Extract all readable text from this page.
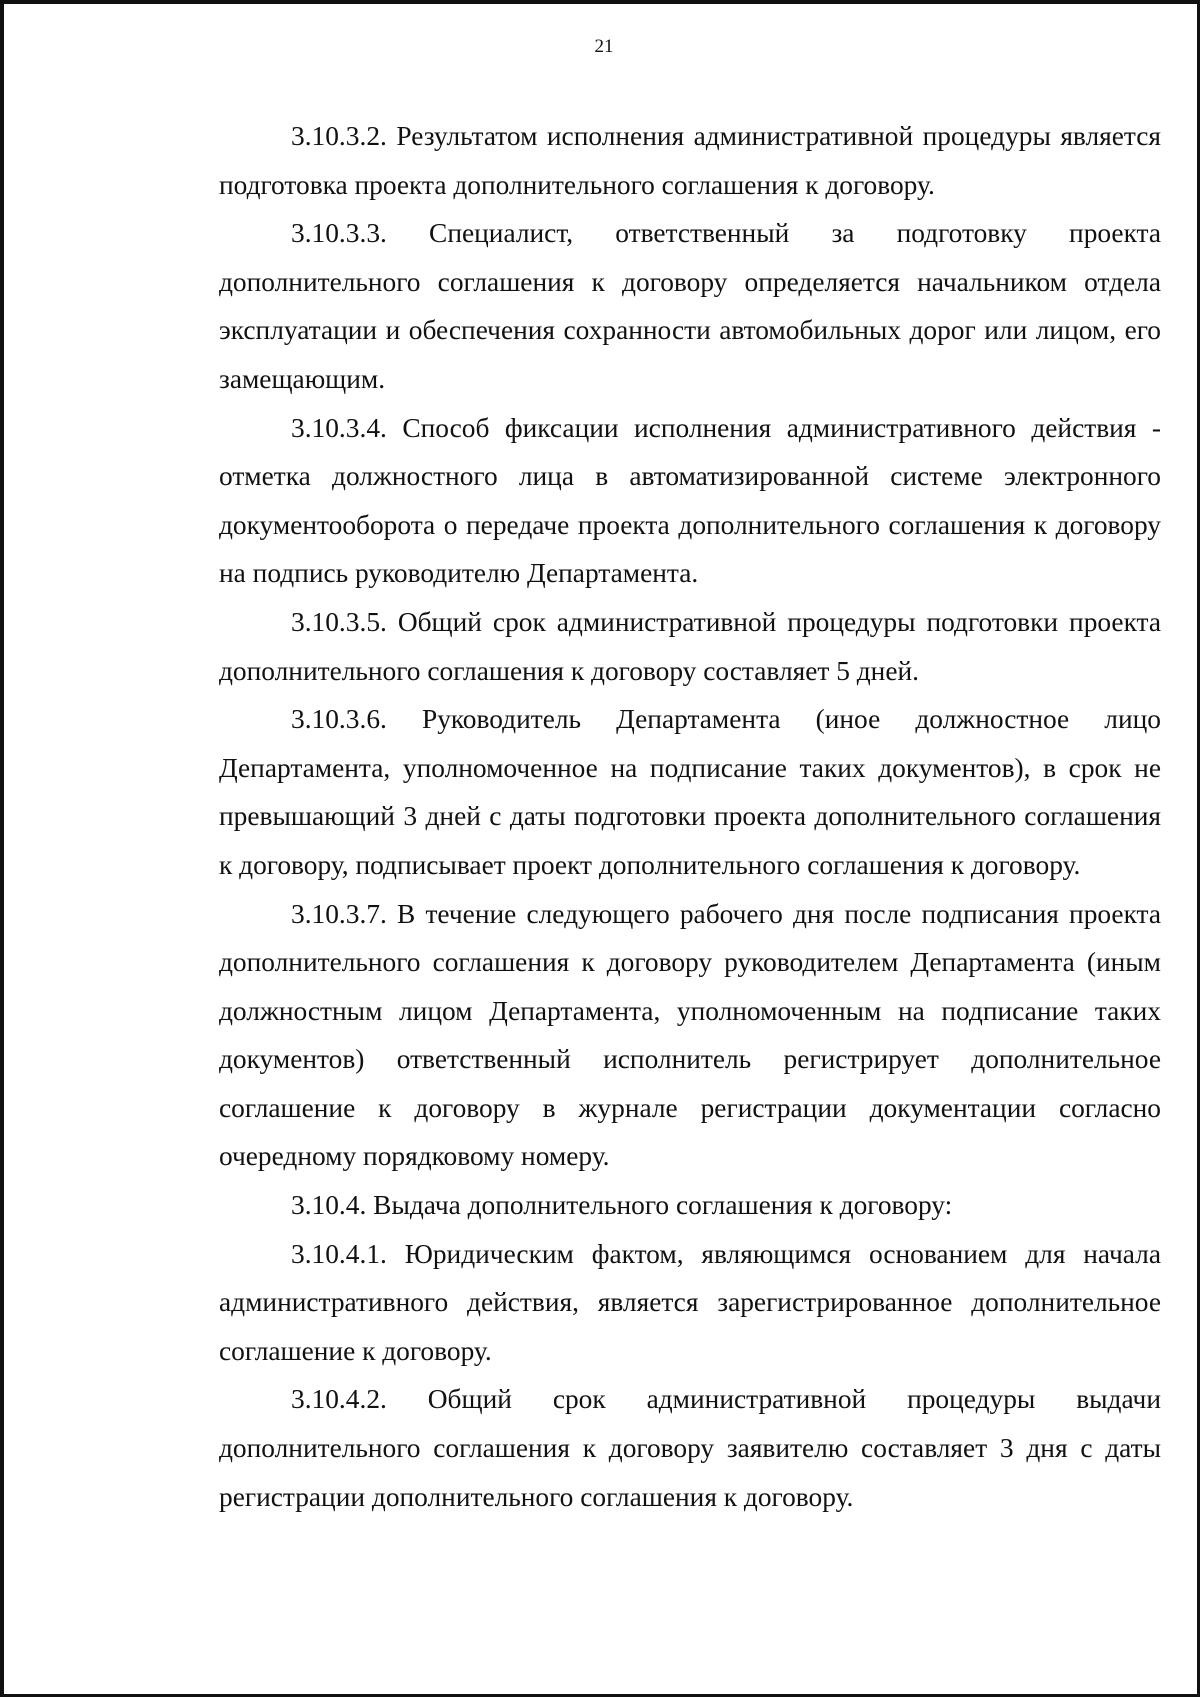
21

3.10.3.2. Результатом исполнения административной процедуры является подготовка проекта дополнительного соглашения к договору.

3.10.3.3. Специалист, ответственный за подготовку проекта дополнительного соглашения к договору определяется начальником отдела эксплуатации и обеспечения сохранности автомобильных дорог или лицом, его замещающим.

3.10.3.4. Способ фиксации исполнения административного действия - отметка должностного лица в автоматизированной системе электронного документооборота о передаче проекта дополнительного соглашения к договору на подпись руководителю Департамента.

3.10.3.5. Общий срок административной процедуры подготовки проекта дополнительного соглашения к договору составляет 5 дней.

3.10.3.6. Руководитель Департамента (иное должностное лицо Департамента, уполномоченное на подписание таких документов), в срок не превышающий 3 дней с даты подготовки проекта дополнительного соглашения к договору, подписывает проект дополнительного соглашения к договору.

3.10.3.7. В течение следующего рабочего дня после подписания проекта дополнительного соглашения к договору руководителем Департамента (иным должностным лицом Департамента, уполномоченным на подписание таких документов) ответственный исполнитель регистрирует дополнительное соглашение к договору в журнале регистрации документации согласно очередному порядковому номеру.

3.10.4. Выдача дополнительного соглашения к договору:

3.10.4.1. Юридическим фактом, являющимся основанием для начала административного действия, является зарегистрированное дополнительное соглашение к договору.

3.10.4.2. Общий срок административной процедуры выдачи дополнительного соглашения к договору заявителю составляет 3 дня с даты регистрации дополнительного соглашения к договору.
